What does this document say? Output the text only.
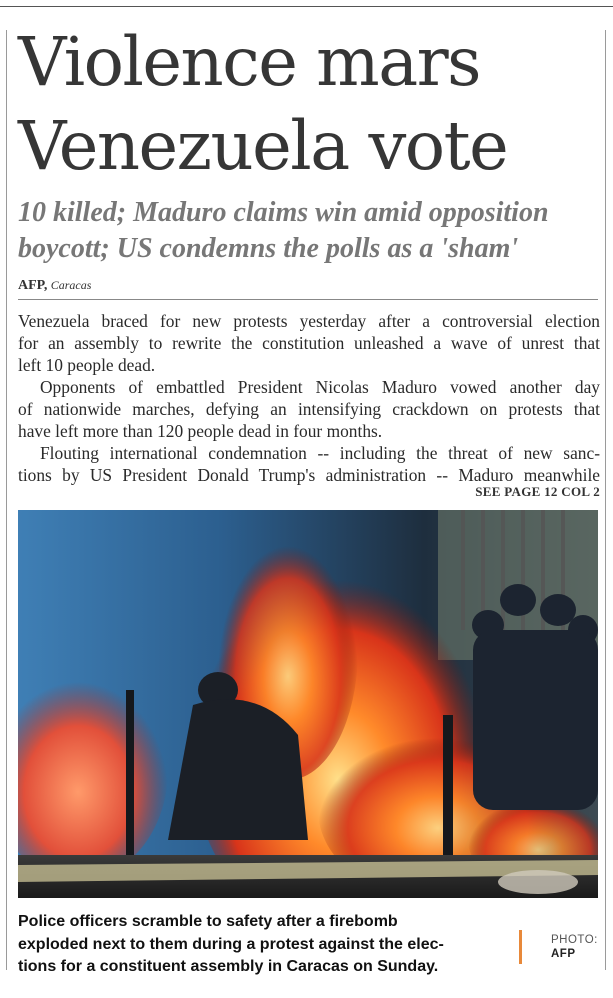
Violence mars
Venezuela vote
10 killed; Maduro claims win amid opposition
boycott; US condemns the polls as a 'sham'
AFP, Caracas
Venezuela braced for new protests yesterday after a controversial election
for an assembly to rewrite the constitution unleashed a wave of unrest that
left 10 people dead.
Opponents of embattled President Nicolas Maduro vowed another day
of nationwide marches, defying an intensifying crackdown on protests that
have left more than 120 people dead in four months.
Flouting international condemnation -- including the threat of new sanc-
tions by US President Donald Trump's administration -- Maduro meanwhile
SEE PAGE 12 COL 2
Police officers scramble to safety after a firebomb
exploded next to them during a protest against the elec-
tions for a constituent assembly in Caracas on Sunday.
PHOTO:
AFP
